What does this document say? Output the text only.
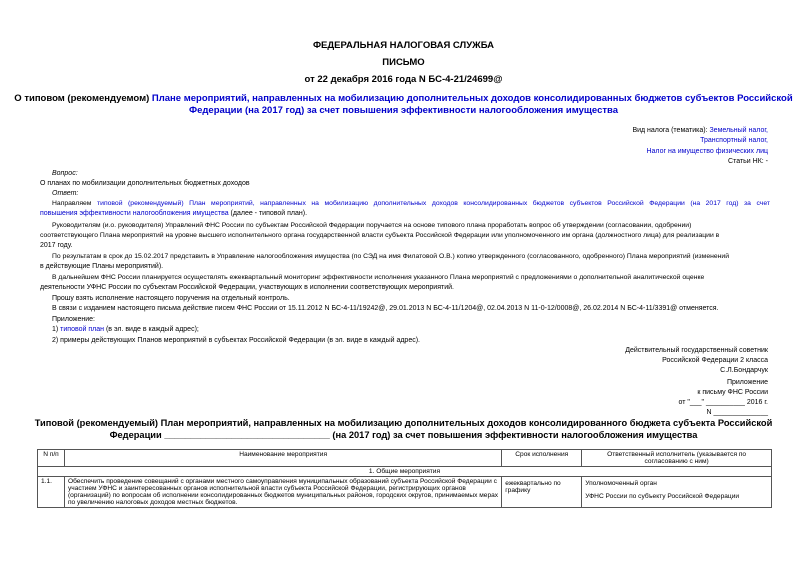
ФЕДЕРАЛЬНАЯ НАЛОГОВАЯ СЛУЖБА
ПИСЬМО
от 22 декабря 2016 года N БС-4-21/24699@
О типовом (рекомендуемом) Плане мероприятий, направленных на мобилизацию дополнительных доходов консолидированных бюджетов субъектов Российской
Федерации (на 2017 год) за счет повышения эффективности налогообложения имущества
Вид налога (тематика): Земельный налог,
Транспортный налог,
Налог на имущество физических лиц
Статьи НК: -
Вопрос:
О планах по мобилизации дополнительных бюджетных доходов
Ответ:
Направляем типовой (рекомендуемый) План мероприятий, направленных на мобилизацию дополнительных доходов консолидированных бюджетов субъектов Российской Федерации (на 2017 год) за счет
повышения эффективности налогообложения имущества (далее - типовой план).
Руководителям (и.о. руководителя) Управлений ФНС России по субъектам Российской Федерации поручается на основе типового плана проработать вопрос об утверждении (согласовании, одобрении)
соответствующего Плана мероприятий на уровне высшего исполнительного органа государственной власти субъекта Российской Федерации или уполномоченного им органа (должностного лица) для реализации в
2017 году.
По результатам в срок до 15.02.2017 представить в Управление налогообложения имущества (по СЭД на имя Филатовой О.В.) копию утвержденного (согласованного, одобренного) Плана мероприятий (изменений
в действующие Планы мероприятий).
В дальнейшем ФНС России планируется осуществлять ежеквартальный мониторинг эффективности исполнения указанного Плана мероприятий с предложениями о дополнительной аналитической оценке
деятельности УФНС России по субъектам Российской Федерации, участвующих в исполнении соответствующих мероприятий.
Прошу взять исполнение настоящего поручения на отдельный контроль.
В связи с изданием настоящего письма действие писем ФНС России от 15.11.2012 N БС-4-11/19242@, 29.01.2013 N БС-4-11/1204@, 02.04.2013 N 11-0-12/0008@, 26.02.2014 N БС-4-11/3391@ отменяется.
Приложение:
1) типовой план (в эл. виде в каждый адрес);
2) примеры действующих Планов мероприятий в субъектах Российской Федерации (в эл. виде в каждый адрес).
Действительный государственный советник
Российской Федерации 2 класса
С.Л.Бондарчук
Приложение
к письму ФНС России
от "___" __________ 2016 г.
N ______________
Типовой (рекомендуемый) План мероприятий, направленных на мобилизацию дополнительных доходов консолидированного бюджета субъекта Российской
Федерации ________________________________ (на 2017 год) за счет повышения эффективности налогообложения имущества
N п/п	Наименование мероприятия	Срок исполнения	Ответственный исполнитель (указывается по согласованию с ним)
1. Общие мероприятия			
1.1.	Обеспечить проведение совещаний с органами местного самоуправления муниципальных образований субъекта Российской Федерации с участием УФНС и заинтересованных органов исполнительной власти субъекта Российской Федерации, регистрирующих органов (организаций) по вопросам об исполнении консолидированных бюджетов муниципальных районов, городских округов, принимаемых мерах по увеличению налоговых доходов местных бюджетов.	ежеквартально по графику	Уполномоченный орган
УФНС России по субъекту Российской Федерации
